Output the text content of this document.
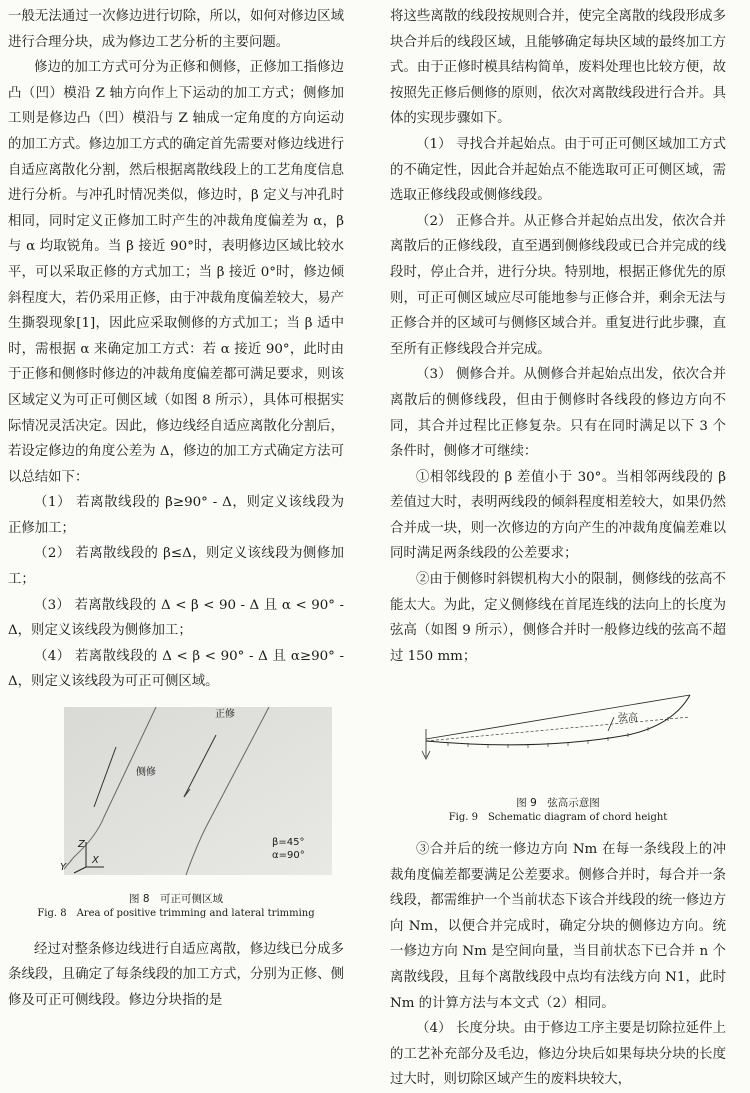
一般无法通过一次修边进行切除，所以，如何对修边区域进行合理分块，成为修边工艺分析的主要问题。

修边的加工方式可分为正修和侧修，正修加工指修边凸（凹）模沿 Z 轴方向作上下运动的加工方式；侧修加工则是修边凸（凹）模沿与 Z 轴成一定角度的方向运动的加工方式。修边加工方式的确定首先需要对修边线进行自适应离散化分割，然后根据离散线段上的工艺角度信息进行分析。与冲孔时情况类似，修边时，β 定义与冲孔时相同，同时定义正修加工时产生的冲裁角度偏差为 α，β 与 α 均取锐角。当 β 接近 90°时，表明修边区域比较水平，可以采取正修的方式加工；当 β 接近 0°时，修边倾斜程度大，若仍采用正修，由于冲裁角度偏差较大，易产生撕裂现象[1]，因此应采取侧修的方式加工；当 β 适中时，需根据 α 来确定加工方式：若 α 接近 90°，此时由于正修和侧修时修边的冲裁角度偏差都可满足要求，则该区域定义为可正可侧区域（如图 8 所示），具体可根据实际情况灵活决定。因此，修边线经自适应离散化分割后，若设定修边的角度公差为 Δ，修边的加工方式确定方法可以总结如下：

（1） 若离散线段的 β≥90° - Δ，则定义该线段为正修加工；

（2） 若离散线段的 β≤Δ，则定义该线段为侧修加工；

（3） 若离散线段的 Δ < β < 90 - Δ 且 α < 90° - Δ，则定义该线段为侧修加工；

（4） 若离散线段的 Δ < β < 90° - Δ 且 α≥90° - Δ，则定义该线段为可正可侧区域。

正修
侧修
β=45°
α=90°
Z
X
Y
图 8　可正可侧区域
Fig. 8　Area of positive trimming and lateral trimming

经过对整条修边线进行自适应离散，修边线已分成多条线段，且确定了每条线段的加工方式，分别为正修、侧修及可正可侧线段。修边分块指的是

将这些离散的线段按规则合并，使完全离散的线段形成多块合并后的线段区域，且能够确定每块区域的最终加工方式。由于正修时模具结构简单，废料处理也比较方便，故按照先正修后侧修的原则，依次对离散线段进行合并。具体的实现步骤如下。

（1） 寻找合并起始点。由于可正可侧区域加工方式的不确定性，因此合并起始点不能选取可正可侧区域，需选取正修线段或侧修线段。

（2） 正修合并。从正修合并起始点出发，依次合并离散后的正修线段，直至遇到侧修线段或已合并完成的线段时，停止合并，进行分块。特别地，根据正修优先的原则，可正可侧区域应尽可能地参与正修合并，剩余无法与正修合并的区域可与侧修区域合并。重复进行此步骤，直至所有正修线段合并完成。

（3） 侧修合并。从侧修合并起始点出发，依次合并离散后的侧修线段，但由于侧修时各线段的修边方向不同，其合并过程比正修复杂。只有在同时满足以下 3 个条件时，侧修才可继续：

①相邻线段的 β 差值小于 30°。当相邻两线段的 β 差值过大时，表明两线段的倾斜程度相差较大，如果仍然合并成一块，则一次修边的方向产生的冲裁角度偏差难以同时满足两条线段的公差要求；

②由于侧修时斜锲机构大小的限制，侧修线的弦高不能太大。为此，定义侧修线在首尾连线的法向上的长度为弦高（如图 9 所示），侧修合并时一般修边线的弦高不超过 150 mm；

弦高
图 9　弦高示意图
Fig. 9　Schematic diagram of chord height

③合并后的统一修边方向 Nm 在每一条线段上的冲裁角度偏差都要满足公差要求。侧修合并时，每合并一条线段，都需维护一个当前状态下该合并线段的统一修边方向 Nm，以便合并完成时，确定分块的侧修边方向。统一修边方向 Nm 是空间向量，当目前状态下已合并 n 个离散线段，且每个离散线段中点均有法线方向 N1，此时 Nm 的计算方法与本文式（2）相同。

（4） 长度分块。由于修边工序主要是切除拉延件上的工艺补充部分及毛边，修边分块后如果每块分块的长度过大时，则切除区域产生的废料块较大，
